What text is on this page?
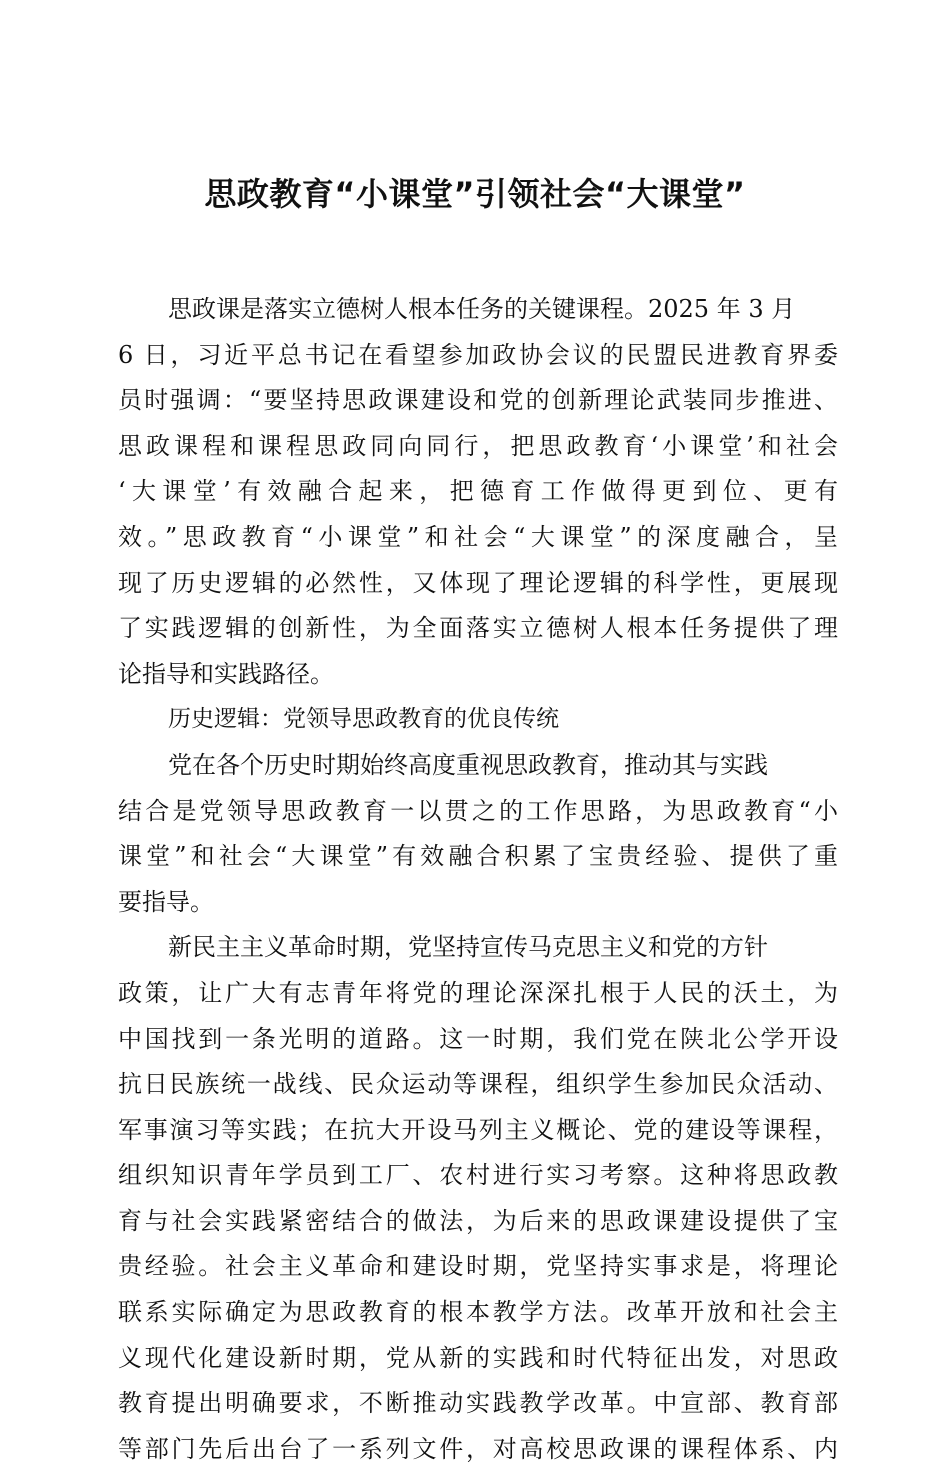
思政教育“小课堂”引领社会“大课堂”
思政课是落实立德树人根本任务的关键课程。2025 年 3 月
6 日，习近平总书记在看望参加政协会议的民盟民进教育界委
员时强调：“要坚持思政课建设和党的创新理论武装同步推进、
思政课程和课程思政同向同行，把思政教育‘小课堂’和社会
‘大课堂’有效融合起来，把德育工作做得更到位、更有
效。”思政教育“小课堂”和社会“大课堂”的深度融合，呈
现了历史逻辑的必然性，又体现了理论逻辑的科学性，更展现
了实践逻辑的创新性，为全面落实立德树人根本任务提供了理
论指导和实践路径。
历史逻辑：党领导思政教育的优良传统
党在各个历史时期始终高度重视思政教育，推动其与实践
结合是党领导思政教育一以贯之的工作思路，为思政教育“小
课堂”和社会“大课堂”有效融合积累了宝贵经验、提供了重
要指导。
新民主主义革命时期，党坚持宣传马克思主义和党的方针
政策，让广大有志青年将党的理论深深扎根于人民的沃土，为
中国找到一条光明的道路。这一时期，我们党在陕北公学开设
抗日民族统一战线、民众运动等课程，组织学生参加民众活动、
军事演习等实践；在抗大开设马列主义概论、党的建设等课程，
组织知识青年学员到工厂、农村进行实习考察。这种将思政教
育与社会实践紧密结合的做法，为后来的思政课建设提供了宝
贵经验。社会主义革命和建设时期，党坚持实事求是，将理论
联系实际确定为思政教育的根本教学方法。改革开放和社会主
义现代化建设新时期，党从新的实践和时代特征出发，对思政
教育提出明确要求，不断推动实践教学改革。中宣部、教育部
等部门先后出台了一系列文件，对高校思政课的课程体系、内
